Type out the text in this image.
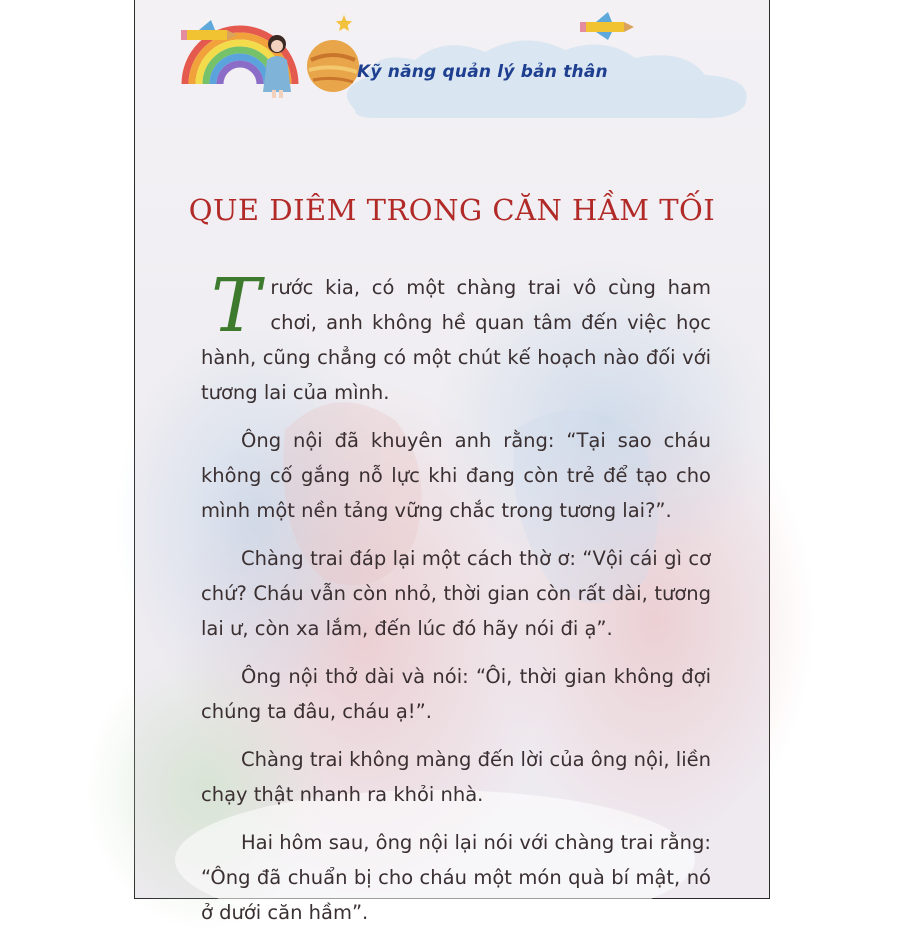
Kỹ năng quản lý bản thân
QUE DIÊM TRONG CĂN HẦM TỐI

Trước kia, có một chàng trai vô cùng ham chơi, anh không hề quan tâm đến việc học hành, cũng chẳng có một chút kế hoạch nào đối với tương lai của mình.

Ông nội đã khuyên anh rằng: “Tại sao cháu không cố gắng nỗ lực khi đang còn trẻ để tạo cho mình một nền tảng vững chắc trong tương lai?”.

Chàng trai đáp lại một cách thờ ơ: “Vội cái gì cơ chứ? Cháu vẫn còn nhỏ, thời gian còn rất dài, tương lai ư, còn xa lắm, đến lúc đó hãy nói đi ạ”.

Ông nội thở dài và nói: “Ôi, thời gian không đợi chúng ta đâu, cháu ạ!”.

Chàng trai không màng đến lời của ông nội, liền chạy thật nhanh ra khỏi nhà.

Hai hôm sau, ông nội lại nói với chàng trai rằng: “Ông đã chuẩn bị cho cháu một món quà bí mật, nó ở dưới căn hầm”.
